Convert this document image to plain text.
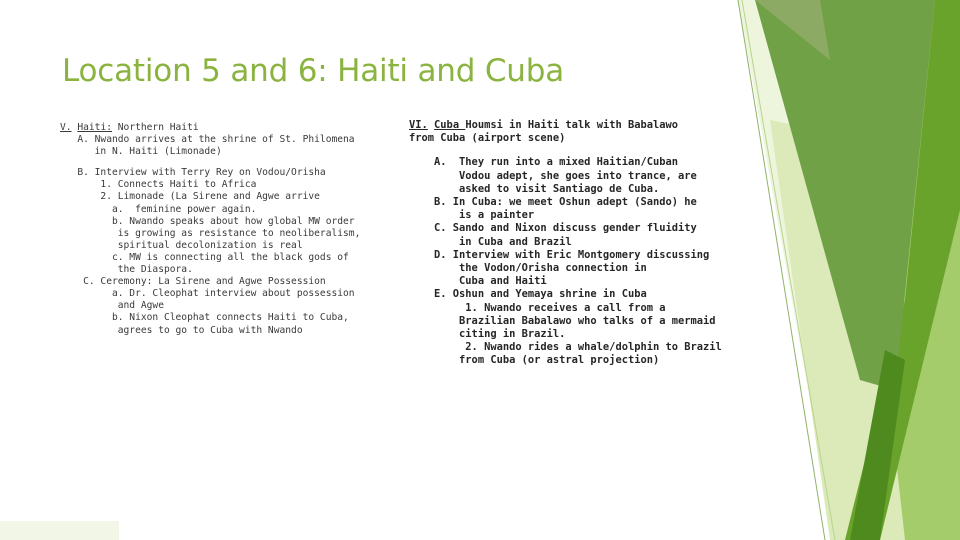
Location 5 and 6: Haiti and Cuba
V. Haiti: Northern Haiti
A. Nwando arrives at the shrine of St. Philomena
in N. Haiti (Limonade)
B. Interview with Terry Rey on Vodou/Orisha
1. Connects Haiti to Africa
2. Limonade (La Sirene and Agwe arrive
a.  feminine power again.
b. Nwando speaks about how global MW order
is growing as resistance to neoliberalism,
spiritual decolonization is real
c. MW is connecting all the black gods of
the Diaspora.
C. Ceremony: La Sirene and Agwe Possession
a. Dr. Cleophat interview about possession
and Agwe
b. Nixon Cleophat connects Haiti to Cuba,
agrees to go to Cuba with Nwando
VI. Cuba Houmsi in Haiti talk with Babalawo
from Cuba (airport scene)
A.  They run into a mixed Haitian/Cuban
Vodou adept, she goes into trance, are
asked to visit Santiago de Cuba.
B. In Cuba: we meet Oshun adept (Sando) he
is a painter
C. Sando and Nixon discuss gender fluidity
in Cuba and Brazil
D. Interview with Eric Montgomery discussing
the Vodon/Orisha connection in
Cuba and Haiti
E. Oshun and Yemaya shrine in Cuba
1. Nwando receives a call from a
Brazilian Babalawo who talks of a mermaid
citing in Brazil.
2. Nwando rides a whale/dolphin to Brazil
from Cuba (or astral projection)
